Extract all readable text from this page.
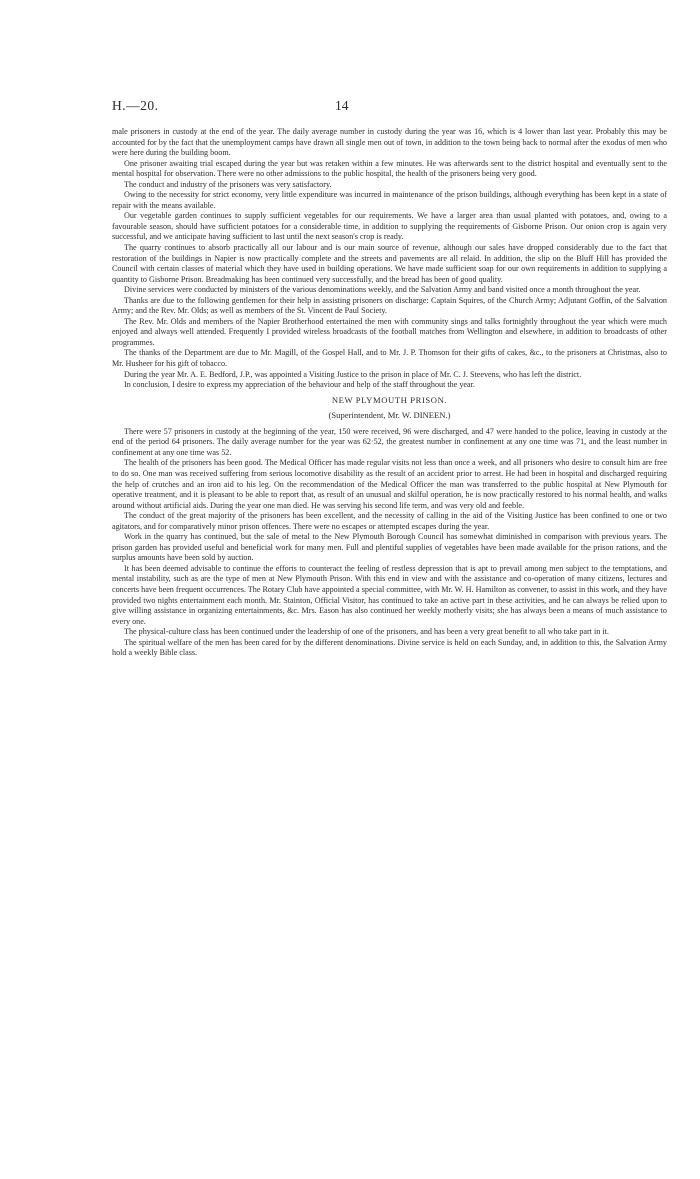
H.—20.	14

male prisoners in custody at the end of the year. The daily average number in custody during the year was 16, which is 4 lower than last year. Probably this may be accounted for by the fact that the unemployment camps have drawn all single men out of town, in addition to the town being back to normal after the exodus of men who were here during the building boom.

One prisoner awaiting trial escaped during the year but was retaken within a few minutes. He was afterwards sent to the district hospital and eventually sent to the mental hospital for observation. There were no other admissions to the public hospital, the health of the prisoners being very good.

The conduct and industry of the prisoners was very satisfactory.

Owing to the necessity for strict economy, very little expenditure was incurred in maintenance of the prison buildings, although everything has been kept in a state of repair with the means available.

Our vegetable garden continues to supply sufficient vegetables for our requirements. We have a larger area than usual planted with potatoes, and, owing to a favourable season, should have sufficient potatoes for a considerable time, in addition to supplying the requirements of Gisborne Prison. Our onion crop is again very successful, and we anticipate having sufficient to last until the next season's crop is ready.

The quarry continues to absorb practically all our labour and is our main source of revenue, although our sales have dropped considerably due to the fact that restoration of the buildings in Napier is now practically complete and the streets and pavements are all relaid. In addition, the slip on the Bluff Hill has provided the Council with certain classes of material which they have used in building operations. We have made sufficient soap for our own requirements in addition to supplying a quantity to Gisborne Prison. Breadmaking has been continued very successfully, and the bread has been of good quality.

Divine services were conducted by ministers of the various denominations weekly, and the Salvation Army and band visited once a month throughout the year.

Thanks are due to the following gentlemen for their help in assisting prisoners on discharge: Captain Squires, of the Church Army; Adjutant Goffin, of the Salvation Army; and the Rev. Mr. Olds; as well as members of the St. Vincent de Paul Society.

The Rev. Mr. Olds and members of the Napier Brotherhood entertained the men with community sings and talks fortnightly throughout the year which were much enjoyed and always well attended. Frequently I provided wireless broadcasts of the football matches from Wellington and elsewhere, in addition to broadcasts of other programmes.

The thanks of the Department are due to Mr. Magill, of the Gospel Hall, and to Mr. J. P. Thomson for their gifts of cakes, &c., to the prisoners at Christmas, also to Mr. Husheer for his gift of tobacco.

During the year Mr. A. E. Bedford, J.P., was appointed a Visiting Justice to the prison in place of Mr. C. J. Steevens, who has left the district.

In conclusion, I desire to express my appreciation of the behaviour and help of the staff throughout the year.

NEW PLYMOUTH PRISON.
(Superintendent, Mr. W. DINEEN.)

There were 57 prisoners in custody at the beginning of the year, 150 were received, 96 were discharged, and 47 were handed to the police, leaving in custody at the end of the period 64 prisoners. The daily average number for the year was 62·52, the greatest number in confinement at any one time was 71, and the least number in confinement at any one time was 52.

The health of the prisoners has been good. The Medical Officer has made regular visits not less than once a week, and all prisoners who desire to consult him are free to do so. One man was received suffering from serious locomotive disability as the result of an accident prior to arrest. He had been in hospital and discharged requiring the help of crutches and an iron aid to his leg. On the recommendation of the Medical Officer the man was transferred to the public hospital at New Plymouth for operative treatment, and it is pleasant to be able to report that, as result of an unusual and skilful operation, he is now practically restored to his normal health, and walks around without artificial aids. During the year one man died. He was serving his second life term, and was very old and feeble.

The conduct of the great majority of the prisoners has been excellent, and the necessity of calling in the aid of the Visiting Justice has been confined to one or two agitators, and for comparatively minor prison offences. There were no escapes or attempted escapes during the year.

Work in the quarry has continued, but the sale of metal to the New Plymouth Borough Council has somewhat diminished in comparison with previous years. The prison garden has provided useful and beneficial work for many men. Full and plentiful supplies of vegetables have been made available for the prison rations, and the surplus amounts have been sold by auction.

It has been deemed advisable to continue the efforts to counteract the feeling of restless depression that is apt to prevail among men subject to the temptations, and mental instability, such as are the type of men at New Plymouth Prison. With this end in view and with the assistance and co-operation of many citizens, lectures and concerts have been frequent occurrences. The Rotary Club have appointed a special committee, with Mr. W. H. Hamilton as convener, to assist in this work, and they have provided two nights entertainment each month. Mr. Stainton, Official Visitor, has continued to take an active part in these activities, and he can always be relied upon to give willing assistance in organizing entertainments, &c. Mrs. Eason has also continued her weekly motherly visits; she has always been a means of much assistance to every one.

The physical-culture class has been continued under the leadership of one of the prisoners, and has been a very great benefit to all who take part in it.

The spiritual welfare of the men has been cared for by the different denominations. Divine service is held on each Sunday, and, in addition to this, the Salvation Army hold a weekly Bible class.
